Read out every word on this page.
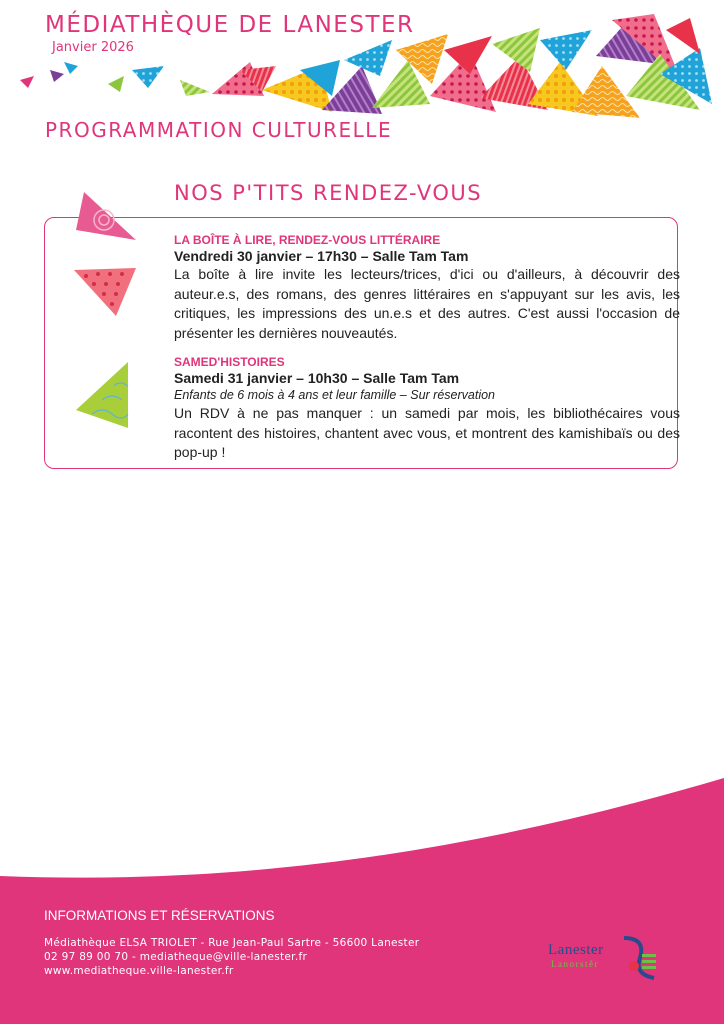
MÉDIATHÈQUE DE LANESTER
Janvier 2026
PROGRAMMATION CULTURELLE
NOS P'TITS RENDEZ-VOUS
LA BOÎTE À LIRE, RENDEZ-VOUS LITTÉRAIRE
Vendredi 30 janvier – 17h30 – Salle Tam Tam

La boîte à lire invite les lecteurs/trices, d'ici ou d'ailleurs, à découvrir des auteur.e.s, des romans, des genres littéraires en s'appuyant sur les avis, les critiques, les impressions des un.e.s et des autres. C'est aussi l'occasion de présenter les dernières nouveautés.

SAMED'HISTOIRES
Samedi 31 janvier – 10h30 – Salle Tam Tam
Enfants de 6 mois à 4 ans et leur famille – Sur réservation

Un RDV à ne pas manquer : un samedi par mois, les bibliothécaires vous racontent des histoires, chantent avec vous, et montrent des kamishibaïs ou des pop-up !

INFORMATIONS ET RÉSERVATIONS
Médiathèque ELSA TRIOLET - Rue Jean-Paul Sartre - 56600 Lanester
02 97 89 00 70 - mediatheque@ville-lanester.fr
www.mediatheque.ville-lanester.fr
Lanester
Lanorstêr
